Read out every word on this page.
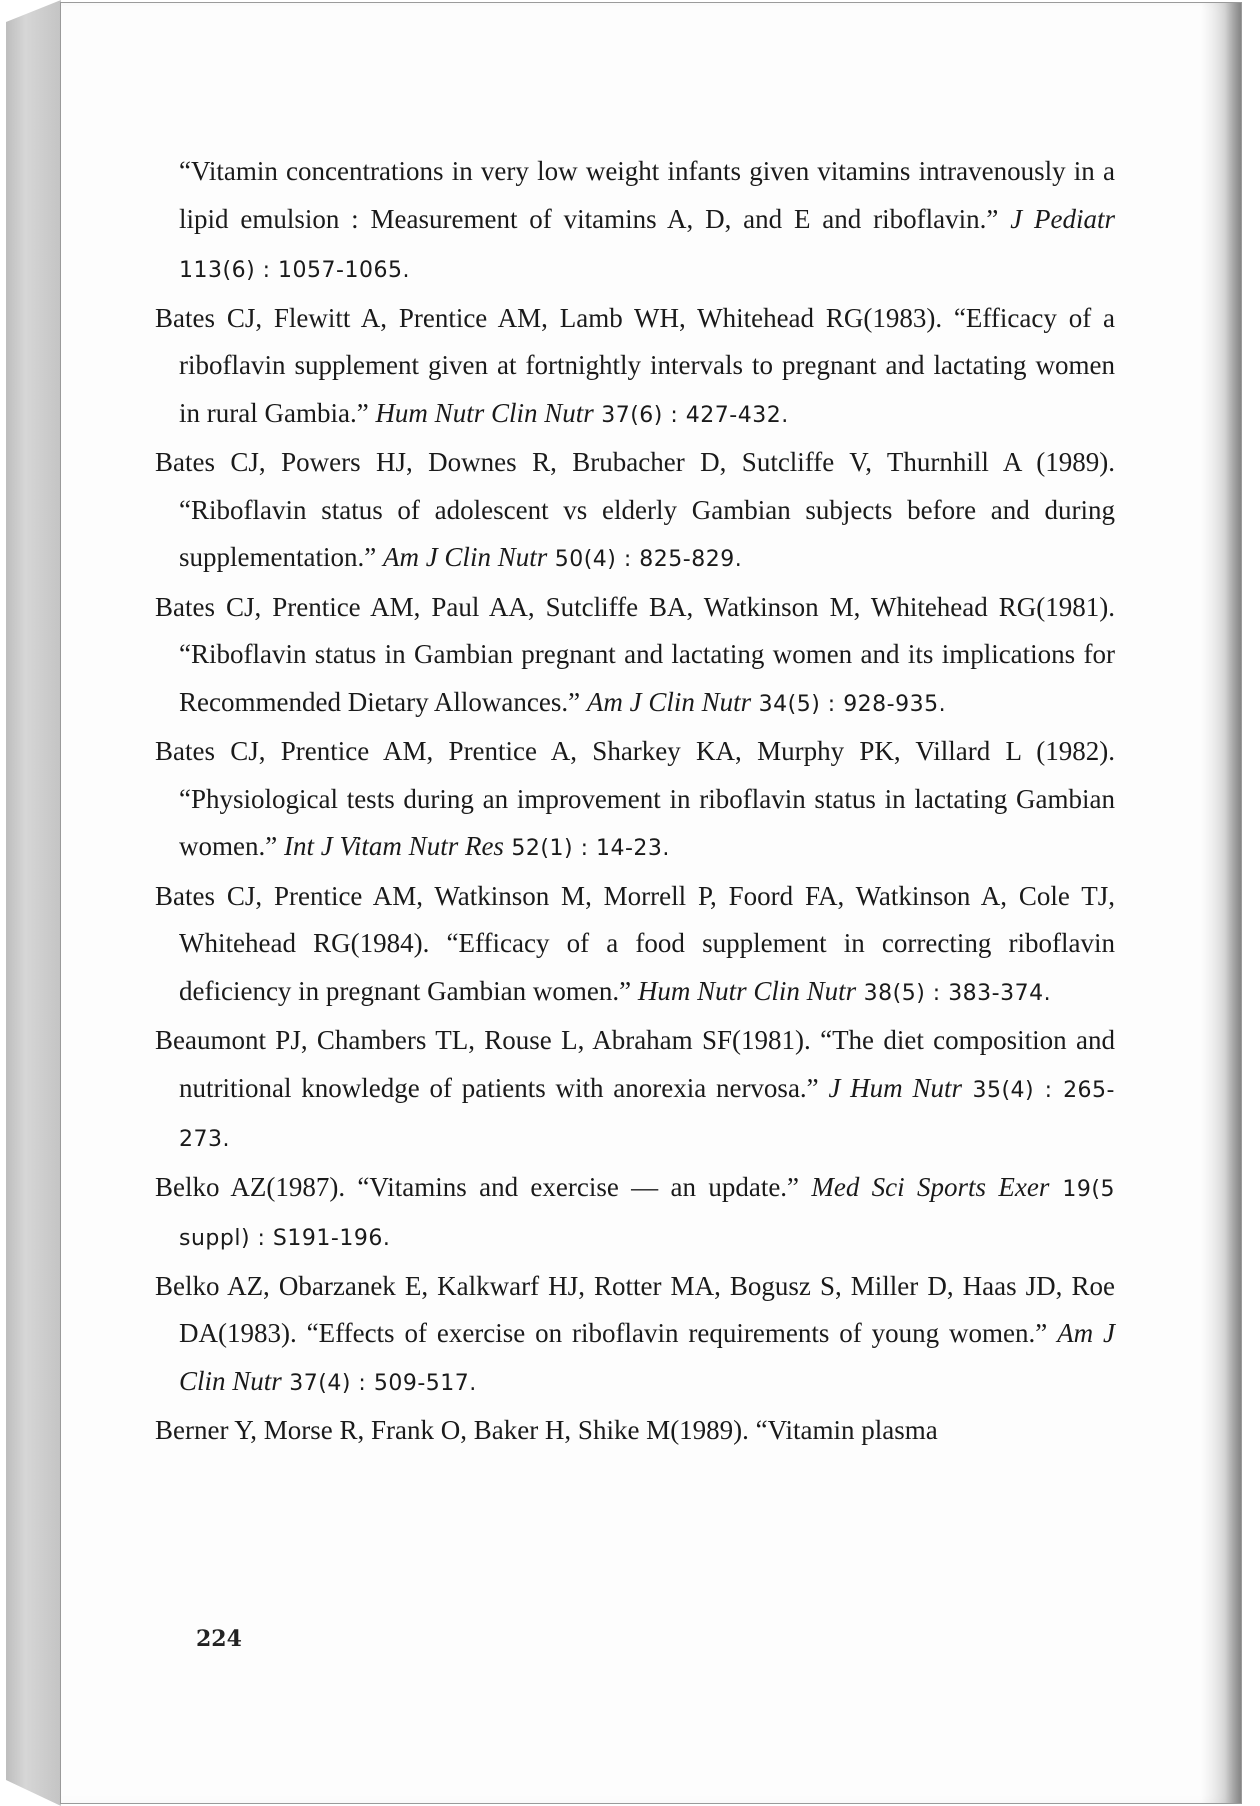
“Vitamin concentrations in very low weight infants given vitamins intravenously in a lipid emulsion : Measurement of vitamins A, D, and E and riboflavin.” J Pediatr 113(6) : 1057-1065.

Bates CJ, Flewitt A, Prentice AM, Lamb WH, Whitehead RG(1983). “Efficacy of a riboflavin supplement given at fortnightly intervals to pregnant and lactating women in rural Gambia.” Hum Nutr Clin Nutr 37(6) : 427-432.

Bates CJ, Powers HJ, Downes R, Brubacher D, Sutcliffe V, Thurnhill A (1989). “Riboflavin status of adolescent vs elderly Gambian subjects before and during supplementation.” Am J Clin Nutr 50(4) : 825-829.

Bates CJ, Prentice AM, Paul AA, Sutcliffe BA, Watkinson M, Whitehead RG(1981). “Riboflavin status in Gambian pregnant and lactating women and its implications for Recommended Dietary Allowances.” Am J Clin Nutr 34(5) : 928-935.

Bates CJ, Prentice AM, Prentice A, Sharkey KA, Murphy PK, Villard L (1982). “Physiological tests during an improvement in riboflavin status in lactating Gambian women.” Int J Vitam Nutr Res 52(1) : 14-23.

Bates CJ, Prentice AM, Watkinson M, Morrell P, Foord FA, Watkinson A, Cole TJ, Whitehead RG(1984). “Efficacy of a food supplement in correcting riboflavin deficiency in pregnant Gambian women.” Hum Nutr Clin Nutr 38(5) : 383-374.

Beaumont PJ, Chambers TL, Rouse L, Abraham SF(1981). “The diet composition and nutritional knowledge of patients with anorexia nervosa.” J Hum Nutr 35(4) : 265-273.

Belko AZ(1987). “Vitamins and exercise — an update.” Med Sci Sports Exer 19(5 suppl) : S191-196.

Belko AZ, Obarzanek E, Kalkwarf HJ, Rotter MA, Bogusz S, Miller D, Haas JD, Roe DA(1983). “Effects of exercise on riboflavin requirements of young women.” Am J Clin Nutr 37(4) : 509-517.

Berner Y, Morse R, Frank O, Baker H, Shike M(1989). “Vitamin plasma

224
